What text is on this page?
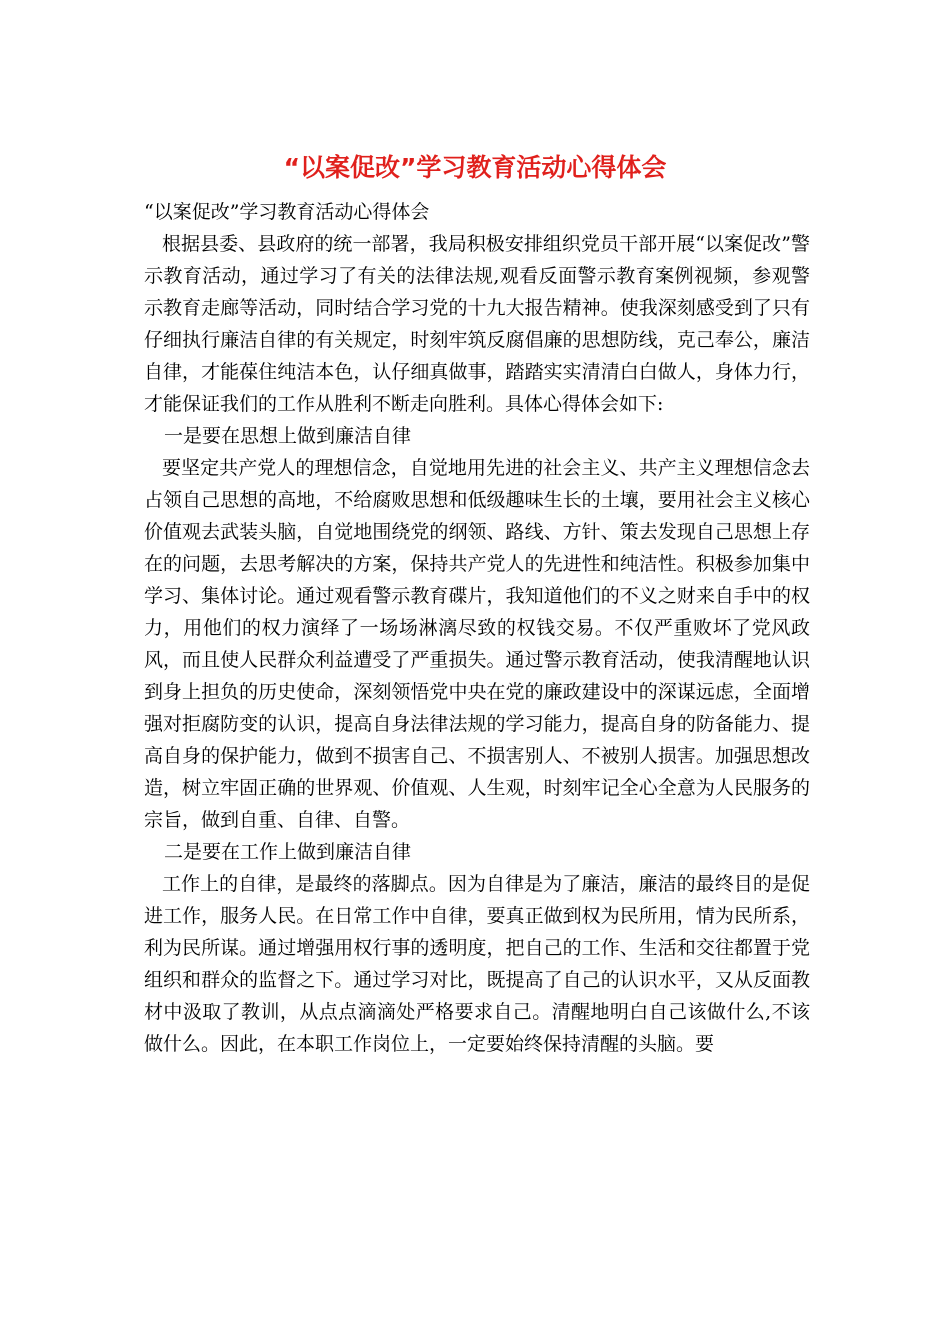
“以案促改”学习教育活动心得体会

“以案促改”学习教育活动心得体会

根据县委、县政府的统一部署，我局积极安排组织党员干部开展“以案促改”警示教育活动，通过学习了有关的法律法规,观看反面警示教育案例视频，参观警示教育走廊等活动，同时结合学习党的十九大报告精神。使我深刻感受到了只有仔细执行廉洁自律的有关规定，时刻牢筑反腐倡廉的思想防线，克己奉公，廉洁自律，才能葆住纯洁本色，认仔细真做事，踏踏实实清清白白做人，身体力行，才能保证我们的工作从胜利不断走向胜利。具体心得体会如下:

一是要在思想上做到廉洁自律

要坚定共产党人的理想信念，自觉地用先进的社会主义、共产主义理想信念去占领自己思想的高地，不给腐败思想和低级趣味生长的土壤，要用社会主义核心价值观去武装头脑，自觉地围绕党的纲领、路线、方针、策去发现自己思想上存在的问题，去思考解决的方案，保持共产党人的先进性和纯洁性。积极参加集中学习、集体讨论。通过观看警示教育碟片，我知道他们的不义之财来自手中的权力，用他们的权力演绎了一场场淋漓尽致的权钱交易。不仅严重败坏了党风政风，而且使人民群众利益遭受了严重损失。通过警示教育活动，使我清醒地认识到身上担负的历史使命，深刻领悟党中央在党的廉政建设中的深谋远虑，全面增强对拒腐防变的认识，提高自身法律法规的学习能力，提高自身的防备能力、提高自身的保护能力，做到不损害自己、不损害别人、不被别人损害。加强思想改造，树立牢固正确的世界观、价值观、人生观，时刻牢记全心全意为人民服务的宗旨，做到自重、自律、自警。

二是要在工作上做到廉洁自律

工作上的自律，是最终的落脚点。因为自律是为了廉洁，廉洁的最终目的是促进工作，服务人民。在日常工作中自律，要真正做到权为民所用，情为民所系，利为民所谋。通过增强用权行事的透明度，把自己的工作、生活和交往都置于党组织和群众的监督之下。通过学习对比，既提高了自己的认识水平，又从反面教材中汲取了教训，从点点滴滴处严格要求自己。清醒地明白自己该做什么,不该做什么。因此，在本职工作岗位上，一定要始终保持清醒的头脑。要
